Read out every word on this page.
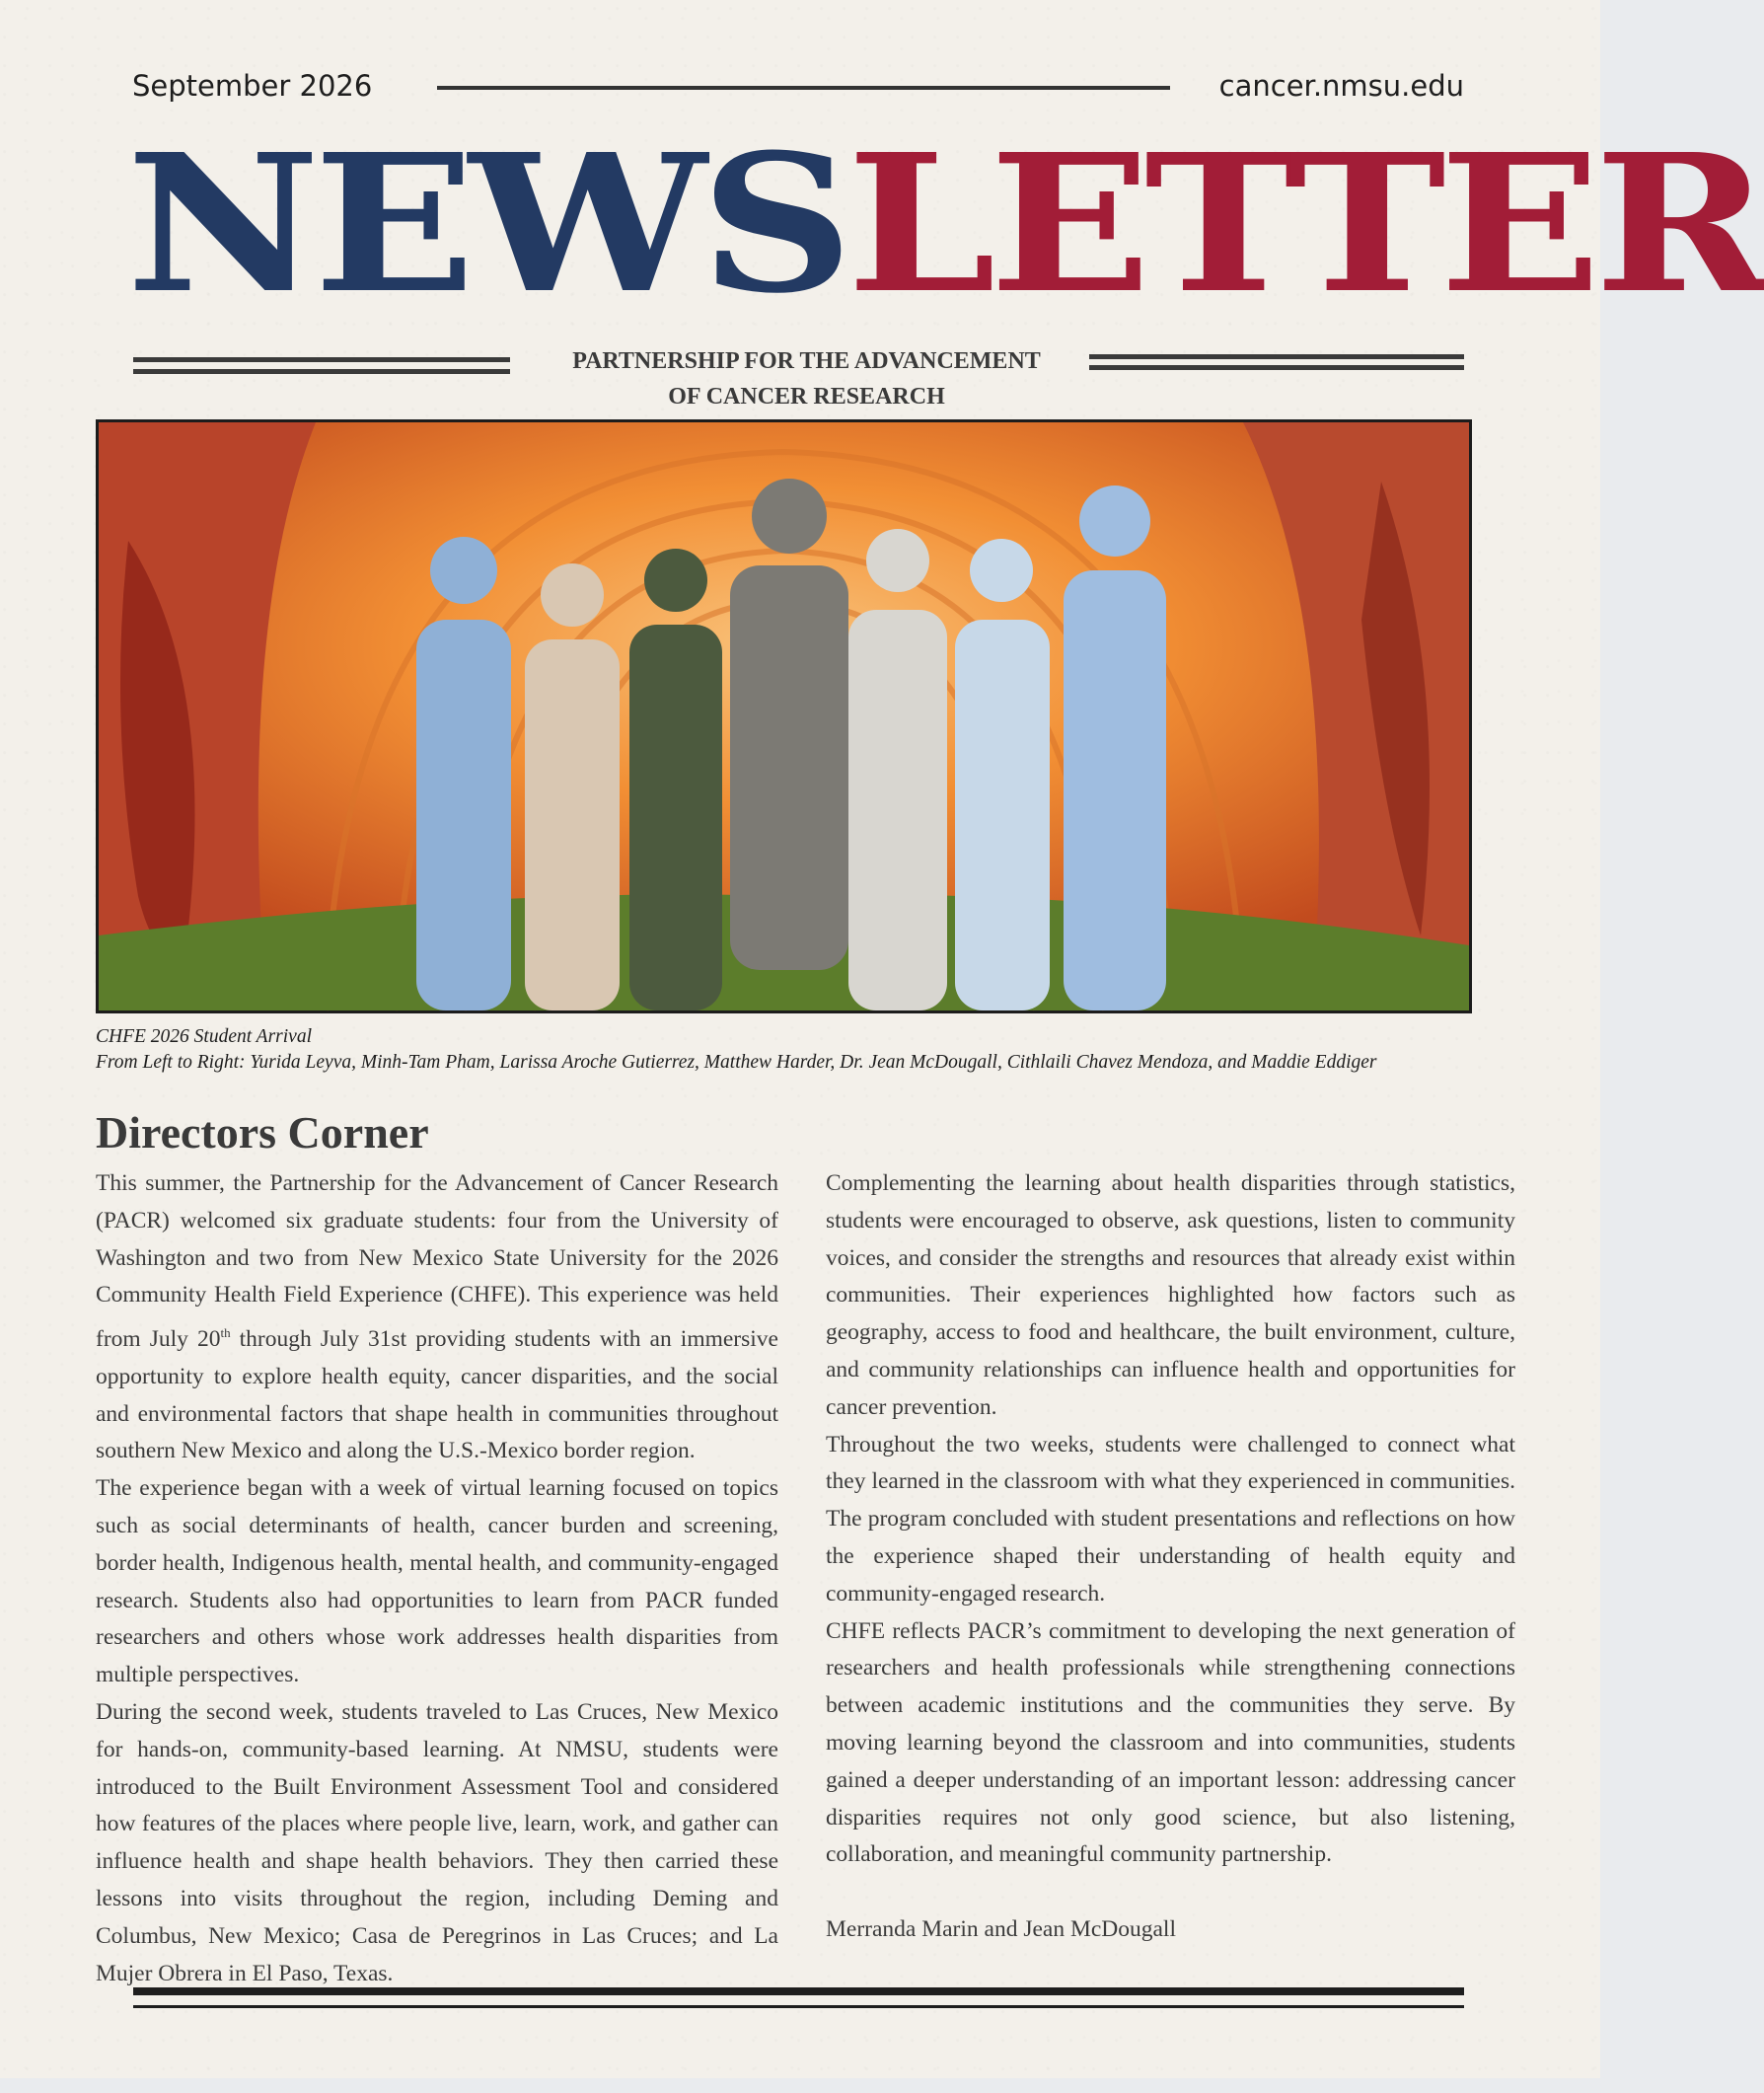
September 2026	cancer.nmsu.edu
NEWSLETTER
PARTNERSHIP FOR THE ADVANCEMENT
OF CANCER RESEARCH
CHFE 2026 Student Arrival
From Left to Right: Yurida Leyva, Minh-Tam Pham, Larissa Aroche Gutierrez, Matthew Harder, Dr. Jean McDougall, Cithlaili Chavez Mendoza, and Maddie Eddiger
Directors Corner

This summer, the Partnership for the Advancement of Cancer Research (PACR) welcomed six graduate students: four from the University of Washington and two from New Mexico State University for the 2026 Community Health Field Experience (CHFE). This experience was held from July 20th through July 31st providing students with an immersive opportunity to explore health equity, cancer disparities, and the social and environmental factors that shape health in communities throughout southern New Mexico and along the U.S.-Mexico border region.

The experience began with a week of virtual learning focused on topics such as social determinants of health, cancer burden and screening, border health, Indigenous health, mental health, and community-engaged research. Students also had opportunities to learn from PACR funded researchers and others whose work addresses health disparities from multiple perspectives.

During the second week, students traveled to Las Cruces, New Mexico for hands-on, community-based learning. At NMSU, students were introduced to the Built Environment Assessment Tool and considered how features of the places where people live, learn, work, and gather can influence health and shape health behaviors. They then carried these lessons into visits throughout the region, including Deming and Columbus, New Mexico; Casa de Peregrinos in Las Cruces; and La Mujer Obrera in El Paso, Texas.

Complementing the learning about health disparities through statistics, students were encouraged to observe, ask questions, listen to community voices, and consider the strengths and resources that already exist within communities. Their experiences highlighted how factors such as geography, access to food and healthcare, the built environment, culture, and community relationships can influence health and opportunities for cancer prevention.

Throughout the two weeks, students were challenged to connect what they learned in the classroom with what they experienced in communities. The program concluded with student presentations and reflections on how the experience shaped their understanding of health equity and community-engaged research.

CHFE reflects PACR’s commitment to developing the next generation of researchers and health professionals while strengthening connections between academic institutions and the communities they serve. By moving learning beyond the classroom and into communities, students gained a deeper understanding of an important lesson: addressing cancer disparities requires not only good science, but also listening, collaboration, and meaningful community partnership.

Merranda Marin and Jean McDougall
